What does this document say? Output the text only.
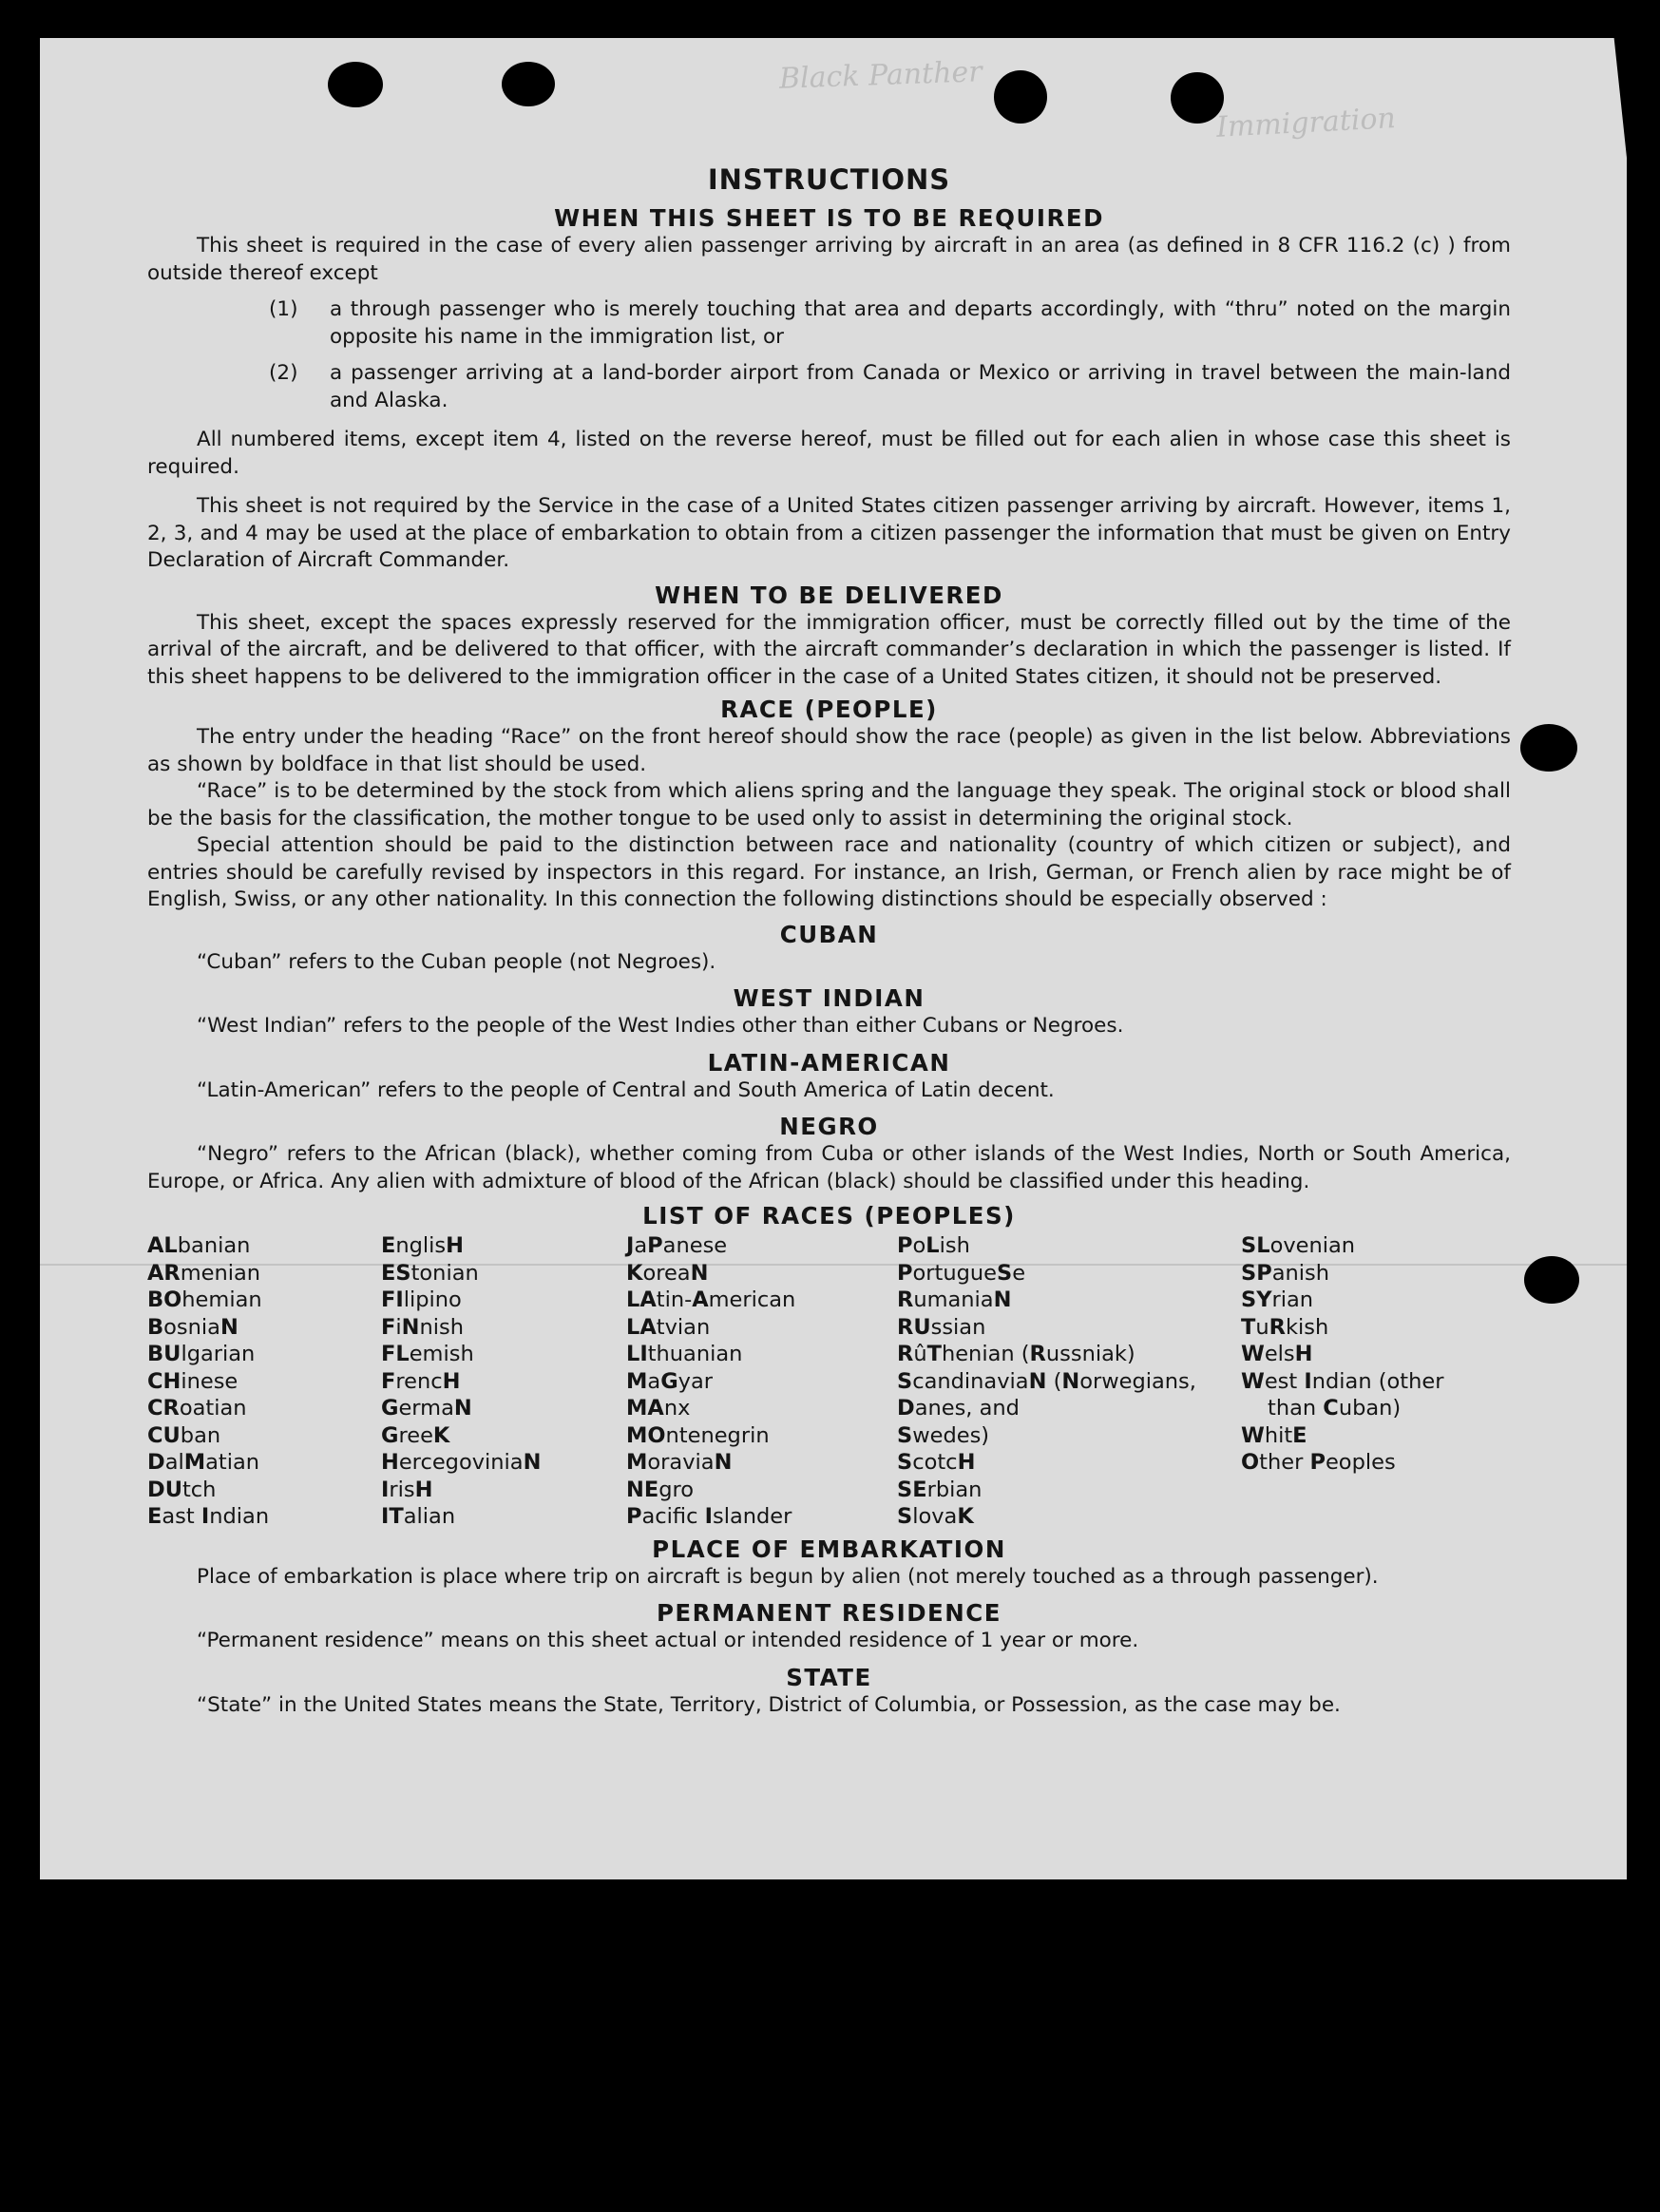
Black Panther
Immigration
INSTRUCTIONS
WHEN THIS SHEET IS TO BE REQUIRED

This sheet is required in the case of every alien passenger arriving by aircraft in an area (as defined in 8 CFR 116.2 (c) ) from outside thereof except

(1)	a through passenger who is merely touching that area and departs accordingly, with “thru” noted on the margin opposite his name in the immigration list, or
(2)	a passenger arriving at a land-border airport from Canada or Mexico or arriving in travel between the main-land and Alaska.

All numbered items, except item 4, listed on the reverse hereof, must be filled out for each alien in whose case this sheet is required.

This sheet is not required by the Service in the case of a United States citizen passenger arriving by aircraft. However, items 1, 2, 3, and 4 may be used at the place of embarkation to obtain from a citizen passenger the information that must be given on Entry Declaration of Aircraft Commander.

WHEN TO BE DELIVERED

This sheet, except the spaces expressly reserved for the immigration officer, must be correctly filled out by the time of the arrival of the aircraft, and be delivered to that officer, with the aircraft commander’s declaration in which the passenger is listed. If this sheet happens to be delivered to the immigration officer in the case of a United States citizen, it should not be preserved.

RACE (PEOPLE)

The entry under the heading “Race” on the front hereof should show the race (people) as given in the list below. Abbreviations as shown by boldface in that list should be used.

“Race” is to be determined by the stock from which aliens spring and the language they speak. The original stock or blood shall be the basis for the classification, the mother tongue to be used only to assist in determining the original stock.

Special attention should be paid to the distinction between race and nationality (country of which citizen or subject), and entries should be carefully revised by inspectors in this regard. For instance, an Irish, German, or French alien by race might be of English, Swiss, or any other nationality. In this connection the following distinctions should be especially observed :

CUBAN

“Cuban” refers to the Cuban people (not Negroes).

WEST INDIAN

“West Indian” refers to the people of the West Indies other than either Cubans or Negroes.

LATIN-AMERICAN

“Latin-American” refers to the people of Central and South America of Latin decent.

NEGRO

“Negro” refers to the African (black), whether coming from Cuba or other islands of the West Indies, North or South America, Europe, or Africa. Any alien with admixture of blood of the African (black) should be classified under this heading.

LIST OF RACES (PEOPLES)
ALbanian
ARmenian
BOhemian
BosniaN
BUlgarian
CHinese
CRoatian
CUban
DalMatian
DUtch
East Indian
EnglisH
EStonian
FIlipino
FiNnish
FLemish
FrencH
GermaN
GreeK
HercegoviniaN
IrisH
ITalian
JaPanese
KoreaN
LAtin-American
LAtvian
LIthuanian
MaGyar
MAnx
MOntenegrin
MoraviaN
NEgro
Pacific Islander
PoLish
PortugueSe
RumaniaN
RUssian
RûThenian (Russniak)
ScandinaviaN (Norwegians,
Danes, and
Swedes)
ScotcH
SErbian
SlovaK
SLovenian
SPanish
SYrian
TuRkish
WelsH
West Indian (other
than Cuban)
WhitE
Other Peoples
PLACE OF EMBARKATION

Place of embarkation is place where trip on aircraft is begun by alien (not merely touched as a through passenger).

PERMANENT RESIDENCE

“Permanent residence” means on this sheet actual or intended residence of 1 year or more.

STATE

“State” in the United States means the State, Territory, District of Columbia, or Possession, as the case may be.
